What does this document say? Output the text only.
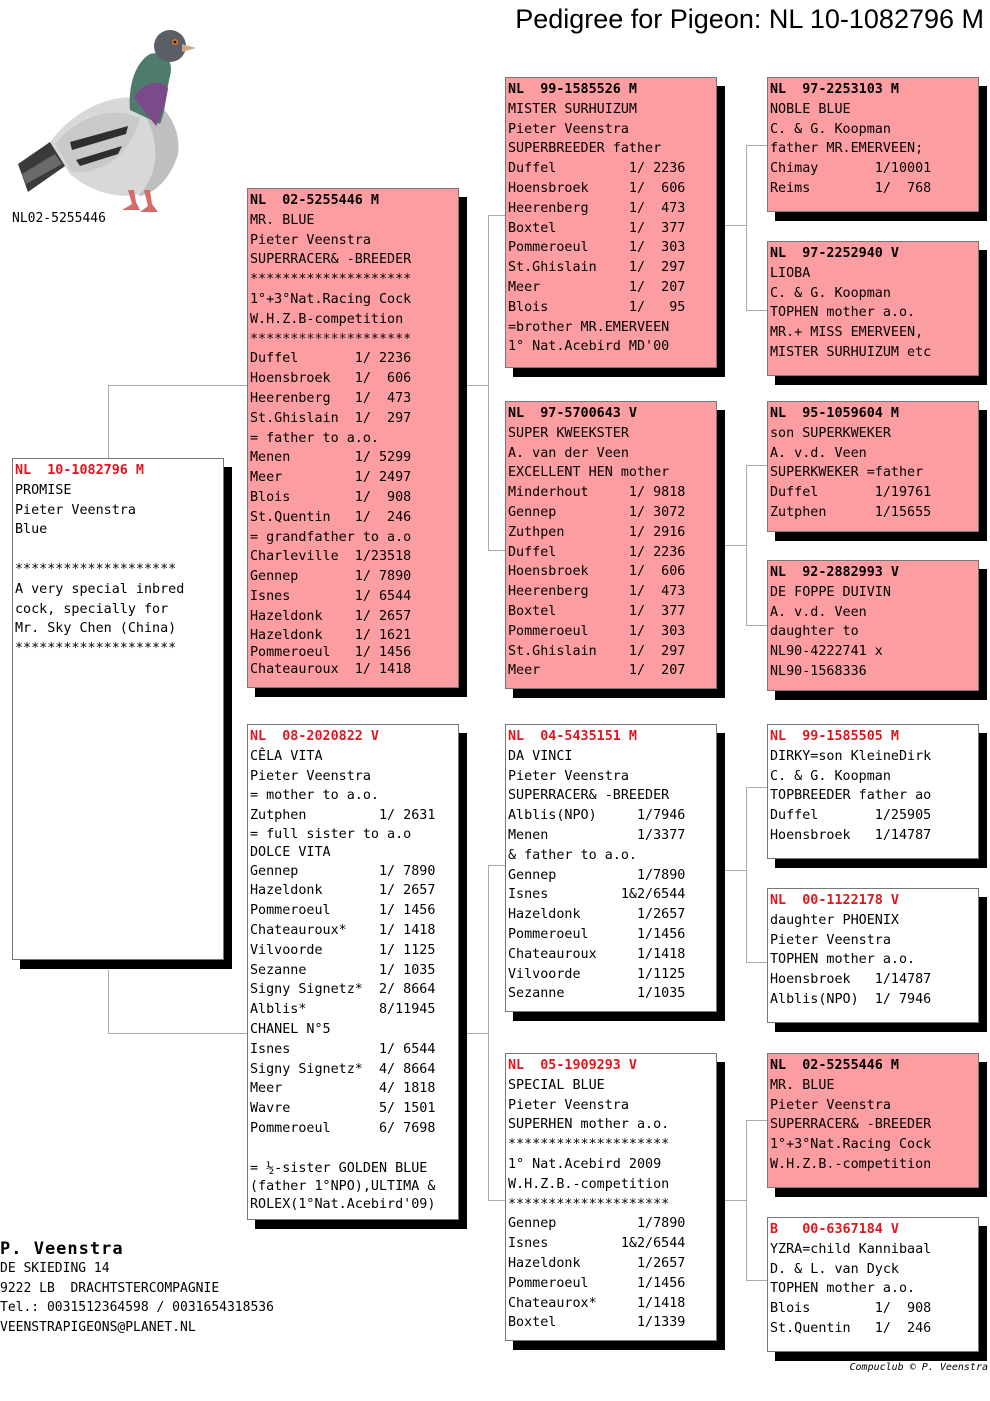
Pedigree for Pigeon: NL 10-1082796 M
NL02-5255446
NL  10-1082796 M
PROMISE
Pieter Veenstra
Blue
********************
A very special inbred
cock, specially for
Mr. Sky Chen (China)
********************
NL  02-5255446 M
MR. BLUE
Pieter Veenstra
SUPERRACER& -BREEDER
********************
1°+3°Nat.Racing Cock
W.H.Z.B-competition
********************
Duffel       1/ 2236
Hoensbroek   1/  606
Heerenberg   1/  473
St.Ghislain  1/  297
= father to a.o.
Menen        1/ 5299
Meer         1/ 2497
Blois        1/  908
St.Quentin   1/  246
= grandfather to a.o
Charleville  1/23518
Gennep       1/ 7890
Isnes        1/ 6544
Hazeldonk    1/ 2657
Hazeldonk    1/ 1621
Pommeroeul   1/ 1456
Chateauroux  1/ 1418
NL  08-2020822 V
CÊLA VITA
Pieter Veenstra
= mother to a.o.
Zutphen         1/ 2631
= full sister to a.o
DOLCE VITA
Gennep          1/ 7890
Hazeldonk       1/ 2657
Pommeroeul      1/ 1456
Chateauroux*    1/ 1418
Vilvoorde       1/ 1125
Sezanne         1/ 1035
Signy Signetz*  2/ 8664
Alblis*         8/11945
CHANEL N°5
Isnes           1/ 6544
Signy Signetz*  4/ 8664
Meer            4/ 1818
Wavre           5/ 1501
Pommeroeul      6/ 7698
= ½-sister GOLDEN BLUE
(father 1°NPO),ULTIMA &
ROLEX(1°Nat.Acebird'09)
NL  99-1585526 M
MISTER SURHUIZUM
Pieter Veenstra
SUPERBREEDER father
Duffel         1/ 2236
Hoensbroek     1/  606
Heerenberg     1/  473
Boxtel         1/  377
Pommeroeul     1/  303
St.Ghislain    1/  297
Meer           1/  207
Blois          1/   95
=brother MR.EMERVEEN
1° Nat.Acebird MD'00
NL  97-5700643 V
SUPER KWEEKSTER
A. van der Veen
EXCELLENT HEN mother
Minderhout     1/ 9818
Gennep         1/ 3072
Zuthpen        1/ 2916
Duffel         1/ 2236
Hoensbroek     1/  606
Heerenberg     1/  473
Boxtel         1/  377
Pommeroeul     1/  303
St.Ghislain    1/  297
Meer           1/  207
NL  04-5435151 M
DA VINCI
Pieter Veenstra
SUPERRACER& -BREEDER
Alblis(NPO)     1/7946
Menen           1/3377
& father to a.o.
Gennep          1/7890
Isnes         1&2/6544
Hazeldonk       1/2657
Pommeroeul      1/1456
Chateauroux     1/1418
Vilvoorde       1/1125
Sezanne         1/1035
NL  05-1909293 V
SPECIAL BLUE
Pieter Veenstra
SUPERHEN mother a.o.
********************
1° Nat.Acebird 2009
W.H.Z.B.-competition
********************
Gennep          1/7890
Isnes         1&2/6544
Hazeldonk       1/2657
Pommeroeul      1/1456
Chateaurox*     1/1418
Boxtel          1/1339
NL  97-2253103 M
NOBLE BLUE
C. & G. Koopman
father MR.EMERVEEN;
Chimay       1/10001
Reims        1/  768
NL  97-2252940 V
LIOBA
C. & G. Koopman
TOPHEN mother a.o.
MR.+ MISS EMERVEEN,
MISTER SURHUIZUM etc
NL  95-1059604 M
son SUPERKWEKER
A. v.d. Veen
SUPERKWEKER =father
Duffel       1/19761
Zutphen      1/15655
NL  92-2882993 V
DE FOPPE DUIVIN
A. v.d. Veen
daughter to
NL90-4222741 x
NL90-1568336
NL  99-1585505 M
DIRKY=son KleineDirk
C. & G. Koopman
TOPBREEDER father ao
Duffel       1/25905
Hoensbroek   1/14787
NL  00-1122178 V
daughter PHOENIX
Pieter Veenstra
TOPHEN mother a.o.
Hoensbroek   1/14787
Alblis(NPO)  1/ 7946
NL  02-5255446 M
MR. BLUE
Pieter Veenstra
SUPERRACER& -BREEDER
1°+3°Nat.Racing Cock
W.H.Z.B.-competition
B   00-6367184 V
YZRA=child Kannibaal
D. & L. van Dyck
TOPHEN mother a.o.
Blois        1/  908
St.Quentin   1/  246
P. Veenstra
DE SKIEDING 14
9222 LB  DRACHTSTERCOMPAGNIE
Tel.: 0031512364598 / 0031654318536
VEENSTRAPIGEONS@PLANET.NL
Compuclub © P. Veenstra
